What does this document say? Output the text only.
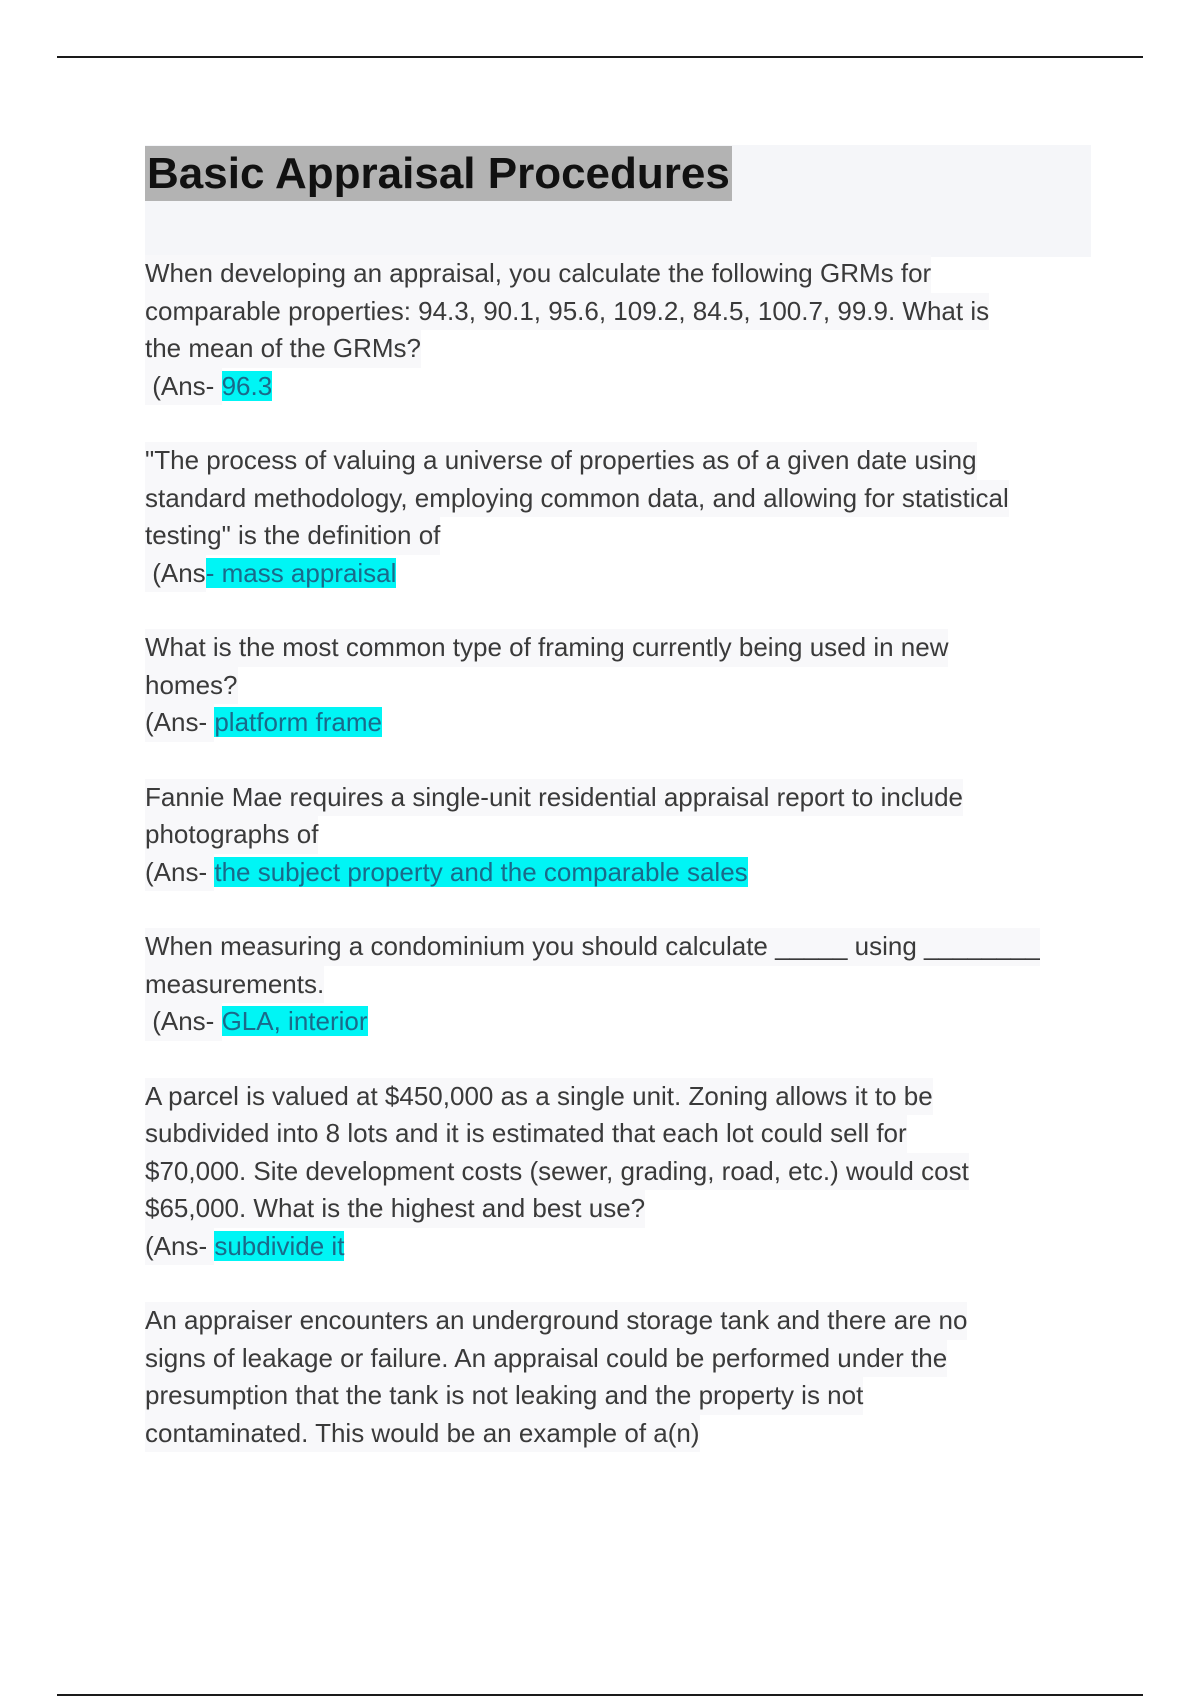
Basic Appraisal Procedures
When developing an appraisal, you calculate the following GRMs for
comparable properties: 94.3, 90.1, 95.6, 109.2, 84.5, 100.7, 99.9. What is
the mean of the GRMs?
(Ans- 96.3
"The process of valuing a universe of properties as of a given date using
standard methodology, employing common data, and allowing for statistical
testing" is the definition of
(Ans- mass appraisal
What is the most common type of framing currently being used in new
homes?
(Ans- platform frame
Fannie Mae requires a single-unit residential appraisal report to include
photographs of
(Ans- the subject property and the comparable sales
When measuring a condominium you should calculate _____ using ________
measurements.
(Ans- GLA, interior
A parcel is valued at $450,000 as a single unit. Zoning allows it to be
subdivided into 8 lots and it is estimated that each lot could sell for
$70,000. Site development costs (sewer, grading, road, etc.) would cost
$65,000. What is the highest and best use?
(Ans- subdivide it
An appraiser encounters an underground storage tank and there are no
signs of leakage or failure. An appraisal could be performed under the
presumption that the tank is not leaking and the property is not
contaminated. This would be an example of a(n)
